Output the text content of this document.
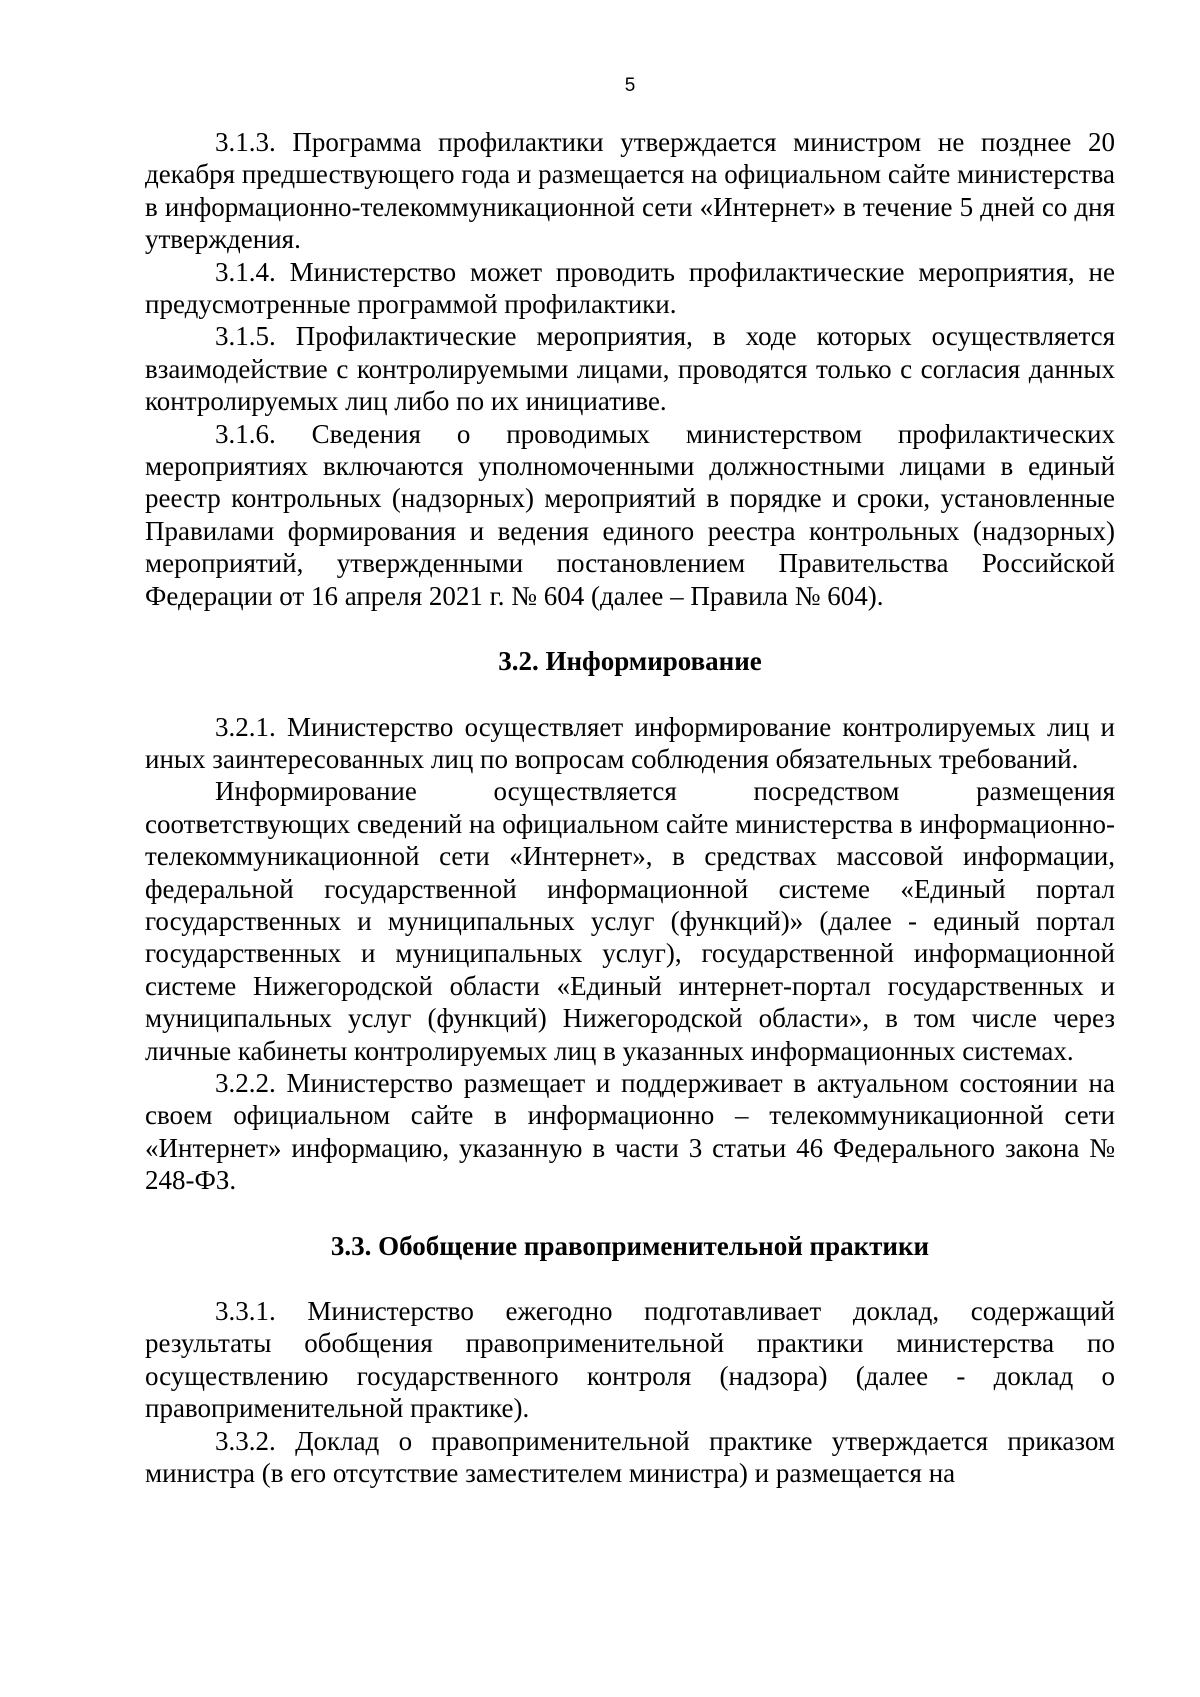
5

3.1.3. Программа профилактики утверждается министром не позднее 20 декабря предшествующего года и размещается на официальном сайте министерства в информационно-телекоммуникационной сети «Интернет» в течение 5 дней со дня утверждения.

3.1.4. Министерство может проводить профилактические мероприятия, не предусмотренные программой профилактики.

3.1.5. Профилактические мероприятия, в ходе которых осуществляется взаимодействие с контролируемыми лицами, проводятся только с согласия данных контролируемых лиц либо по их инициативе.

3.1.6. Сведения о проводимых министерством профилактических мероприятиях включаются уполномоченными должностными лицами в единый реестр контрольных (надзорных) мероприятий в порядке и сроки, установленные Правилами формирования и ведения единого реестра контрольных (надзорных) мероприятий, утвержденными постановлением Правительства Российской Федерации от 16 апреля 2021 г. № 604 (далее – Правила № 604).

3.2. Информирование

3.2.1. Министерство осуществляет информирование контролируемых лиц и иных заинтересованных лиц по вопросам соблюдения обязательных требований.

Информирование осуществляется посредством размещения соответствующих сведений на официальном сайте министерства в информационно-телекоммуникационной сети «Интернет», в средствах массовой информации, федеральной государственной информационной системе «Единый портал государственных и муниципальных услуг (функций)» (далее - единый портал государственных и муниципальных услуг), государственной информационной системе Нижегородской области «Единый интернет-портал государственных и муниципальных услуг (функций) Нижегородской области», в том числе через личные кабинеты контролируемых лиц в указанных информационных системах.

3.2.2. Министерство размещает и поддерживает в актуальном состоянии на своем официальном сайте в информационно – телекоммуникационной сети «Интернет» информацию, указанную в части 3 статьи 46 Федерального закона № 248-ФЗ.

3.3. Обобщение правоприменительной практики

3.3.1. Министерство ежегодно подготавливает доклад, содержащий результаты обобщения правоприменительной практики министерства по осуществлению государственного контроля (надзора) (далее - доклад о правоприменительной практике).

3.3.2. Доклад о правоприменительной практике утверждается приказом министра (в его отсутствие заместителем министра) и размещается на
